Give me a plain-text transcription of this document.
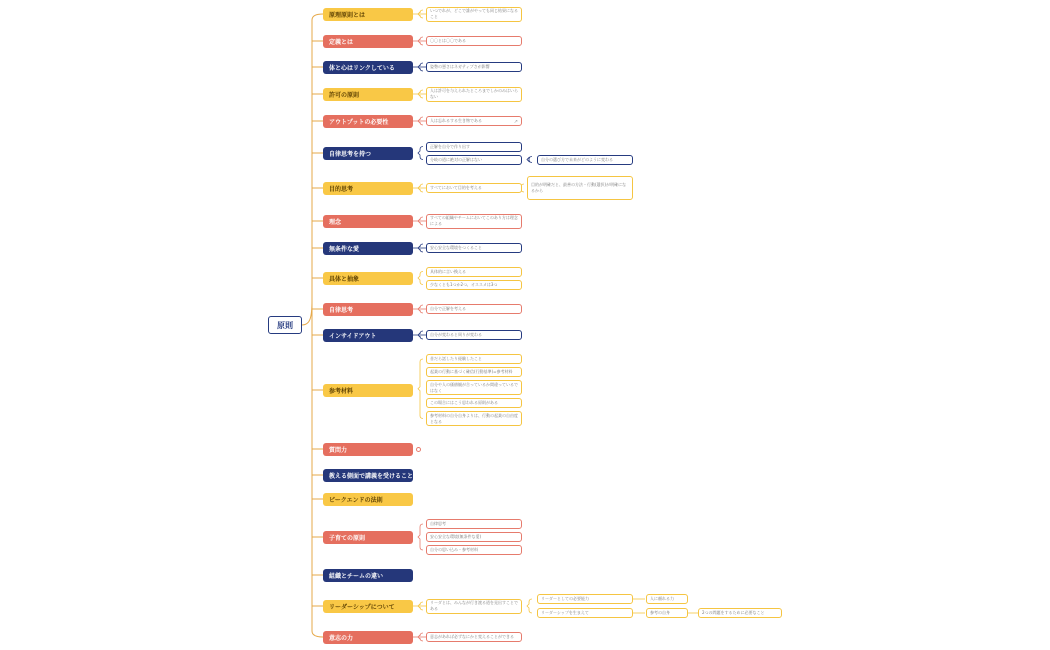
原則
原理原則とは
いつでれが、どこで誰がやっても同じ結果になること
定義とは	〇〇とは〇〇である
体と心はリンクしている	姿勢の悪さはネガティブさが影響
許可の原則
人は許可を与えられたところまでしかのみはいらない
アウトプットの必要性	人は忘れるする生き物である	↗
自律思考を持つ
正解を自分で作り出す
分岐の道に絶対の正解はない	自分の選び方で未来がどのように変わる
目的思考	すべてにおいて目的を考える
目的が明確だと、最善の方法・行動(選択)が明確になるから
理念
すべての組織やチームにおいてこのあり方は理念による
無条件な愛	安心安全な環境をつくること
具体と抽象
具体的に言い換える
少なくとも1つか2つ、オススメは3つ
自律思考	自分で正解を考える
インサイドアウト	自分が変わると周りが変わる
参考材料
昔だら話したり経験したこと
起業の行動に基づく確信(行動基準)=参考材料
自分や人の価値観が合っているか間違っているではなく
この場合にはこう思われる原則がある
参考材料の自分自身よりは、行動の起業の自由度となる
質問力
教える側面で講義を受けること
ピークエンドの法則
子育ての原則
自律思考
安心安全な環境(無条件な愛)
自分の思い込み・参考材料
組織とチームの違い
リーダーシップについて
リーダとは、みんなが行き渡る道を見出すことである
リーダーとしての必要能力
リーダーシップを生まえて
人に頼れる力
参考の自身	2つの問題をするために必要なこと
意志の力	意志があれば必ずなにかと変えることができる
